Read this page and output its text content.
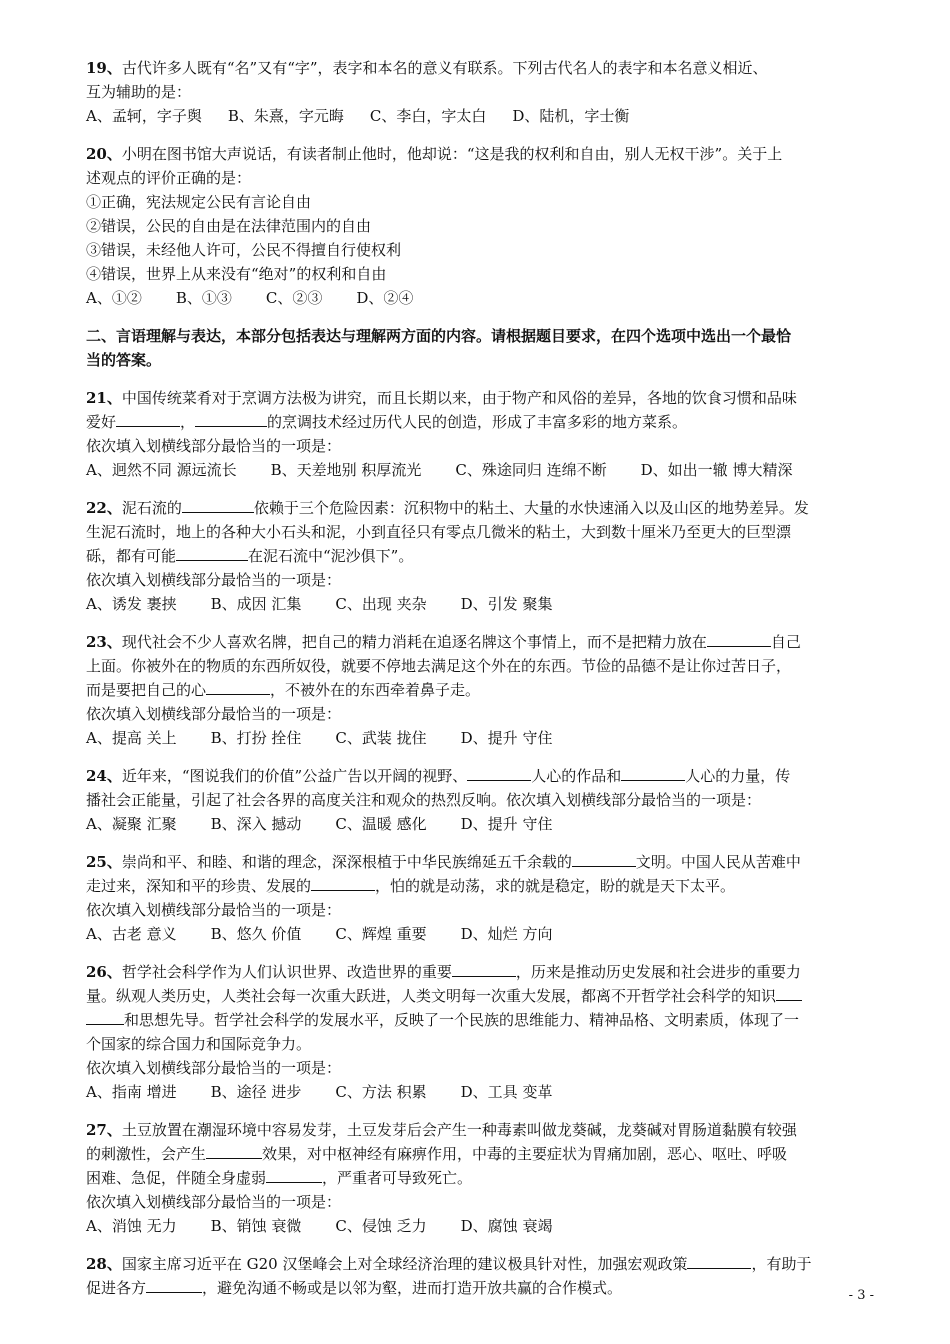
19、古代许多人既有“名”又有“字”，表字和本名的意义有联系。下列古代名人的表字和本名意义相近、
互为辅助的是：
A、孟轲，字子舆 B、朱熹，字元晦 C、李白，字太白 D、陆机，字士衡
20、小明在图书馆大声说话，有读者制止他时，他却说：“这是我的权利和自由，别人无权干涉”。关于上
述观点的评价正确的是：
①正确，宪法规定公民有言论自由
②错误，公民的自由是在法律范围内的自由
③错误，未经他人许可，公民不得擅自行使权利
④错误，世界上从来没有“绝对”的权利和自由
A、①② B、①③ C、②③ D、②④
二、言语理解与表达，本部分包括表达与理解两方面的内容。请根据题目要求，在四个选项中选出一个最恰
当的答案。
21、中国传统菜肴对于烹调方法极为讲究，而且长期以来，由于物产和风俗的差异，各地的饮食习惯和品味
爱好	，	的烹调技术经过历代人民的创造，形成了丰富多彩的地方菜系。
依次填入划横线部分最恰当的一项是：
A、迥然不同 源远流长 B、天差地别 积厚流光 C、殊途同归 连绵不断 D、如出一辙 博大精深
22、泥石流的	依赖于三个危险因素：沉积物中的粘土、大量的水快速涌入以及山区的地势差异。发
生泥石流时，地上的各种大小石头和泥，小到直径只有零点几微米的粘土，大到数十厘米乃至更大的巨型漂
砾，都有可能	在泥石流中“泥沙俱下”。
依次填入划横线部分最恰当的一项是：
A、诱发 裹挟 B、成因 汇集 C、出现 夹杂 D、引发 聚集
23、现代社会不少人喜欢名牌，把自己的精力消耗在追逐名牌这个事情上，而不是把精力放在	自己
上面。你被外在的物质的东西所奴役，就要不停地去满足这个外在的东西。节俭的品德不是让你过苦日子，
而是要把自己的心	，不被外在的东西牵着鼻子走。
依次填入划横线部分最恰当的一项是：
A、提高 关上 B、打扮 拴住 C、武装 拢住 D、提升 守住
24、近年来，“图说我们的价值”公益广告以开阔的视野、	人心的作品和	人心的力量，传
播社会正能量，引起了社会各界的高度关注和观众的热烈反响。依次填入划横线部分最恰当的一项是：
A、凝聚 汇聚 B、深入 撼动 C、温暖 感化 D、提升 守住
25、崇尚和平、和睦、和谐的理念，深深根植于中华民族绵延五千余载的	文明。中国人民从苦难中
走过来，深知和平的珍贵、发展的	，怕的就是动荡，求的就是稳定，盼的就是天下太平。
依次填入划横线部分最恰当的一项是：
A、古老 意义 B、悠久 价值 C、辉煌 重要 D、灿烂 方向
26、哲学社会科学作为人们认识世界、改造世界的重要	，历来是推动历史发展和社会进步的重要力
量。纵观人类历史，人类社会每一次重大跃进，人类文明每一次重大发展，都离不开哲学社会科学的知识
和思想先导。哲学社会科学的发展水平，反映了一个民族的思维能力、精神品格、文明素质，体现了一
个国家的综合国力和国际竞争力。
依次填入划横线部分最恰当的一项是：
A、指南 增进 B、途径 进步 C、方法 积累 D、工具 变革
27、土豆放置在潮湿环境中容易发芽，土豆发芽后会产生一种毒素叫做龙葵碱，龙葵碱对胃肠道黏膜有较强
的刺激性，会产生	效果，对中枢神经有麻痹作用，中毒的主要症状为胃痛加剧，恶心、呕吐、呼吸
困难、急促，伴随全身虚弱	，严重者可导致死亡。
依次填入划横线部分最恰当的一项是：
A、消蚀 无力 B、销蚀 衰微 C、侵蚀 乏力 D、腐蚀 衰竭
28、国家主席习近平在 G20 汉堡峰会上对全球经济治理的建议极具针对性，加强宏观政策	，有助于
促进各方	，避免沟通不畅或是以邻为壑，进而打造开放共赢的合作模式。	- 3 -
